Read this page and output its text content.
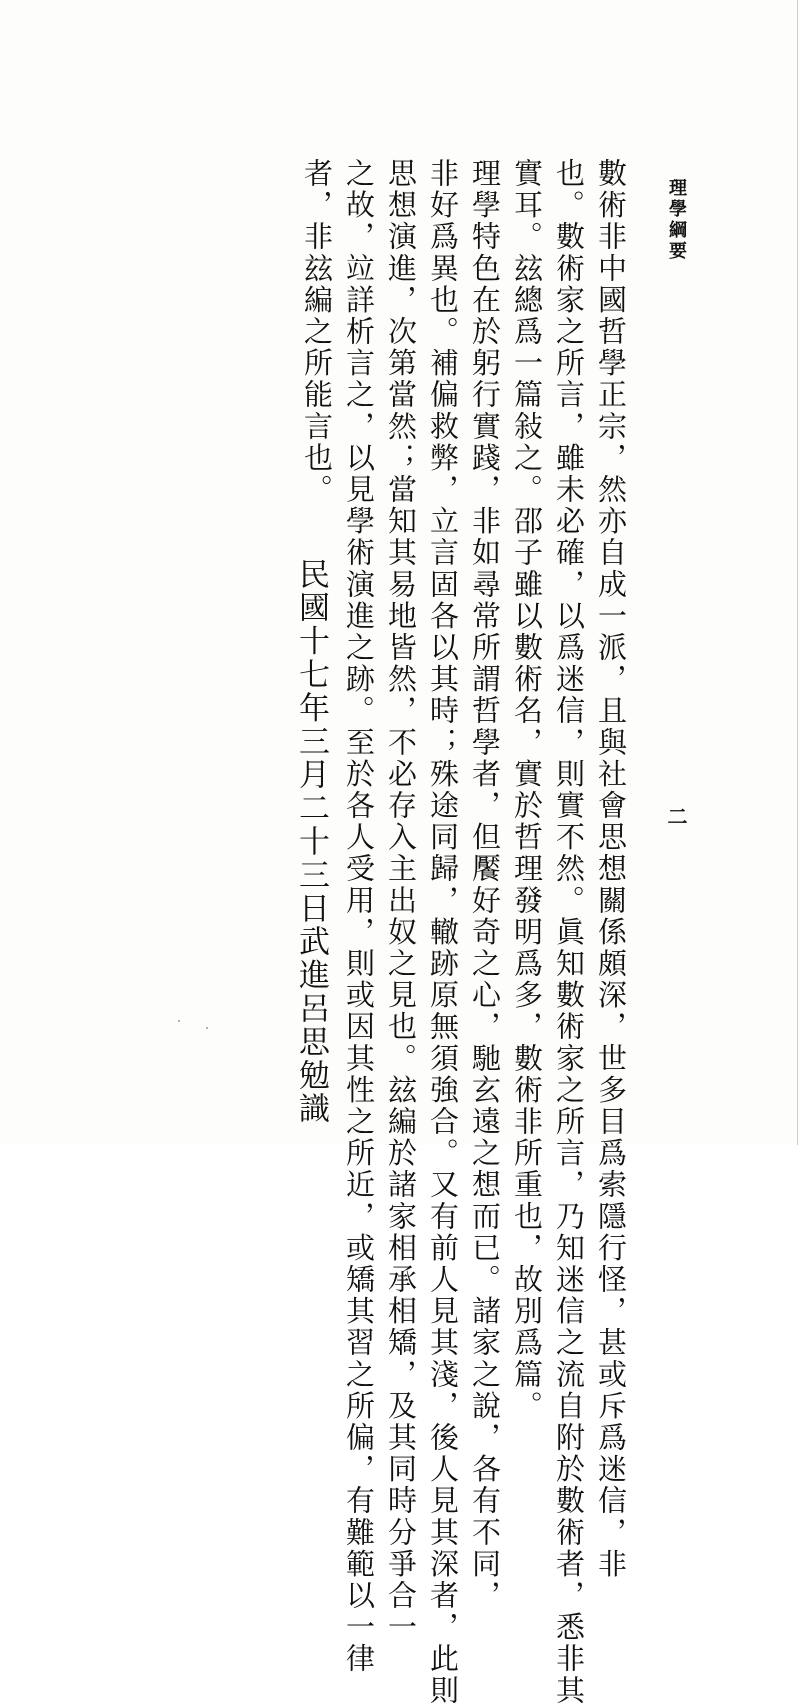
理學綱要
二
數術非中國哲學正宗，然亦自成一派，且與社會思想關係頗深，世多目爲索隱行怪，甚或斥爲迷信，非
也。數術家之所言，雖未必確，以爲迷信，則實不然。眞知數術家之所言，乃知迷信之流自附於數術者，悉非其
實耳。玆總爲一篇敍之。邵子雖以數術名，實於哲理發明爲多，數術非所重也，故別爲篇。
理學特色在於躬行實踐，非如尋常所謂哲學者，但饜好奇之心，馳玄遠之想而已。諸家之說，各有不同，
非好爲異也。補偏救弊，立言固各以其時；殊途同歸，轍跡原無須強合。又有前人見其淺，後人見其深者，此則
思想演進，次第當然；當知其易地皆然，不必存入主出奴之見也。玆編於諸家相承相矯，及其同時分爭合一
之故，竝詳析言之，以見學術演進之跡。至於各人受用，則或因其性之所近，或矯其習之所偏，有難範以一律
者，非玆編之所能言也。
民國十七年三月二十三日武進呂思勉識
